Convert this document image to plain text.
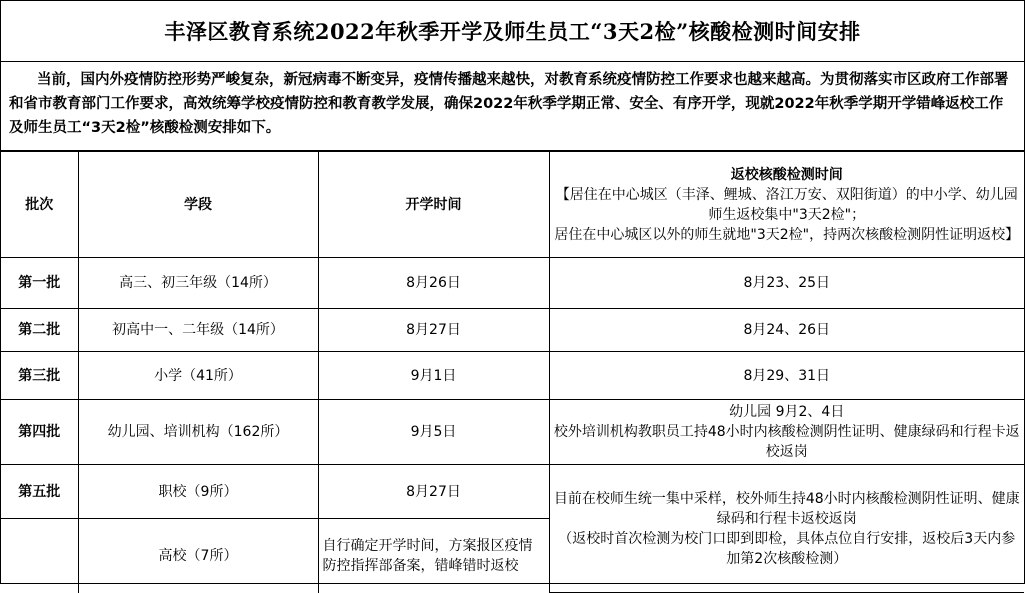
丰泽区教育系统2022年秋季开学及师生员工“3天2检”核酸检测时间安排
当前，国内外疫情防控形势严峻复杂，新冠病毒不断变异，疫情传播越来越快，对教育系统疫情防控工作要求也越来越高。为贯彻落实市区政府工作部署和省市教育部门工作要求，高效统筹学校疫情防控和教育教学发展，确保2022年秋季学期正常、安全、有序开学，现就2022年秋季学期开学错峰返校工作及师生员工“3天2检”核酸检测安排如下。
批次	学段	开学时间	返校核酸检测时间
【居住在中心城区（丰泽、鲤城、洛江万安、双阳街道）的中小学、幼儿园师生返校集中"3天2检"；
居住在中心城区以外的师生就地"3天2检"，持两次核酸检测阴性证明返校】

第一批	高三、初三年级（14所）	8月26日	8月23、25日
第二批	初高中一、二年级（14所）	8月27日	8月24、26日
第三批	小学（41所）	9月1日	8月29、31日
第四批	幼儿园、培训机构（162所）	9月5日	幼儿园 9月2、4日
校外培训机构教职员工持48小时内核酸检测阴性证明、健康绿码和行程卡返校返岗

第五批	职校（9所）	8月27日	目前在校师生统一集中采样，校外师生持48小时内核酸检测阴性证明、健康绿码和行程卡返校返岗
（返校时首次检测为校门口即到即检，具体点位自行安排，返校后3天内参加第2次核酸检测）

	高校（7所）	自行确定开学时间，方案报区疫情防控指挥部备案，错峰错时返校	
